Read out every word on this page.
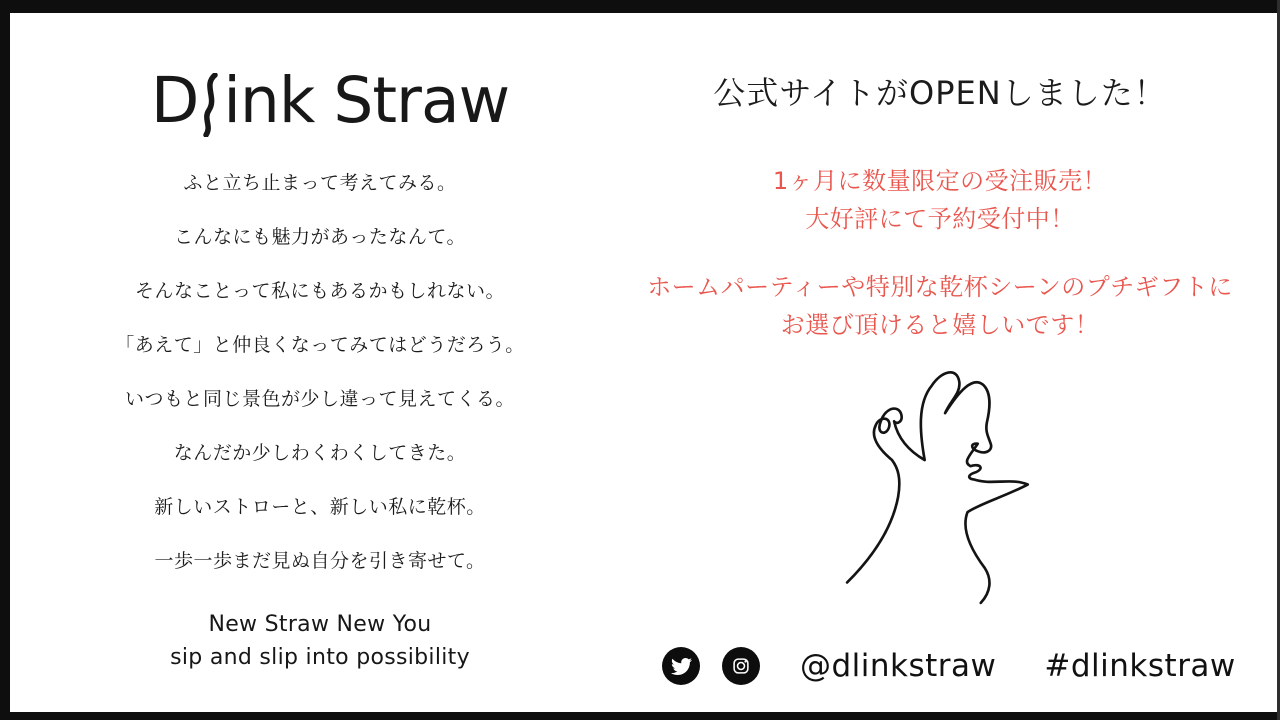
D ink Straw
ふと立ち止まって考えてみる。
こんなにも魅力があったなんて。
そんなことって私にもあるかもしれない。
「あえて」と仲良くなってみてはどうだろう。
いつもと同じ景色が少し違って見えてくる。
なんだか少しわくわくしてきた。
新しいストローと、新しい私に乾杯。
一歩一歩まだ見ぬ自分を引き寄せて。
New Straw New You
sip and slip into possibility
公式サイトがOPENしました！
1ヶ月に数量限定の受注販売！
大好評にて予約受付中！
ホームパーティーや特別な乾杯シーンのプチギフトに
お選び頂けると嬉しいです！
@dlinkstraw #dlinkstraw
